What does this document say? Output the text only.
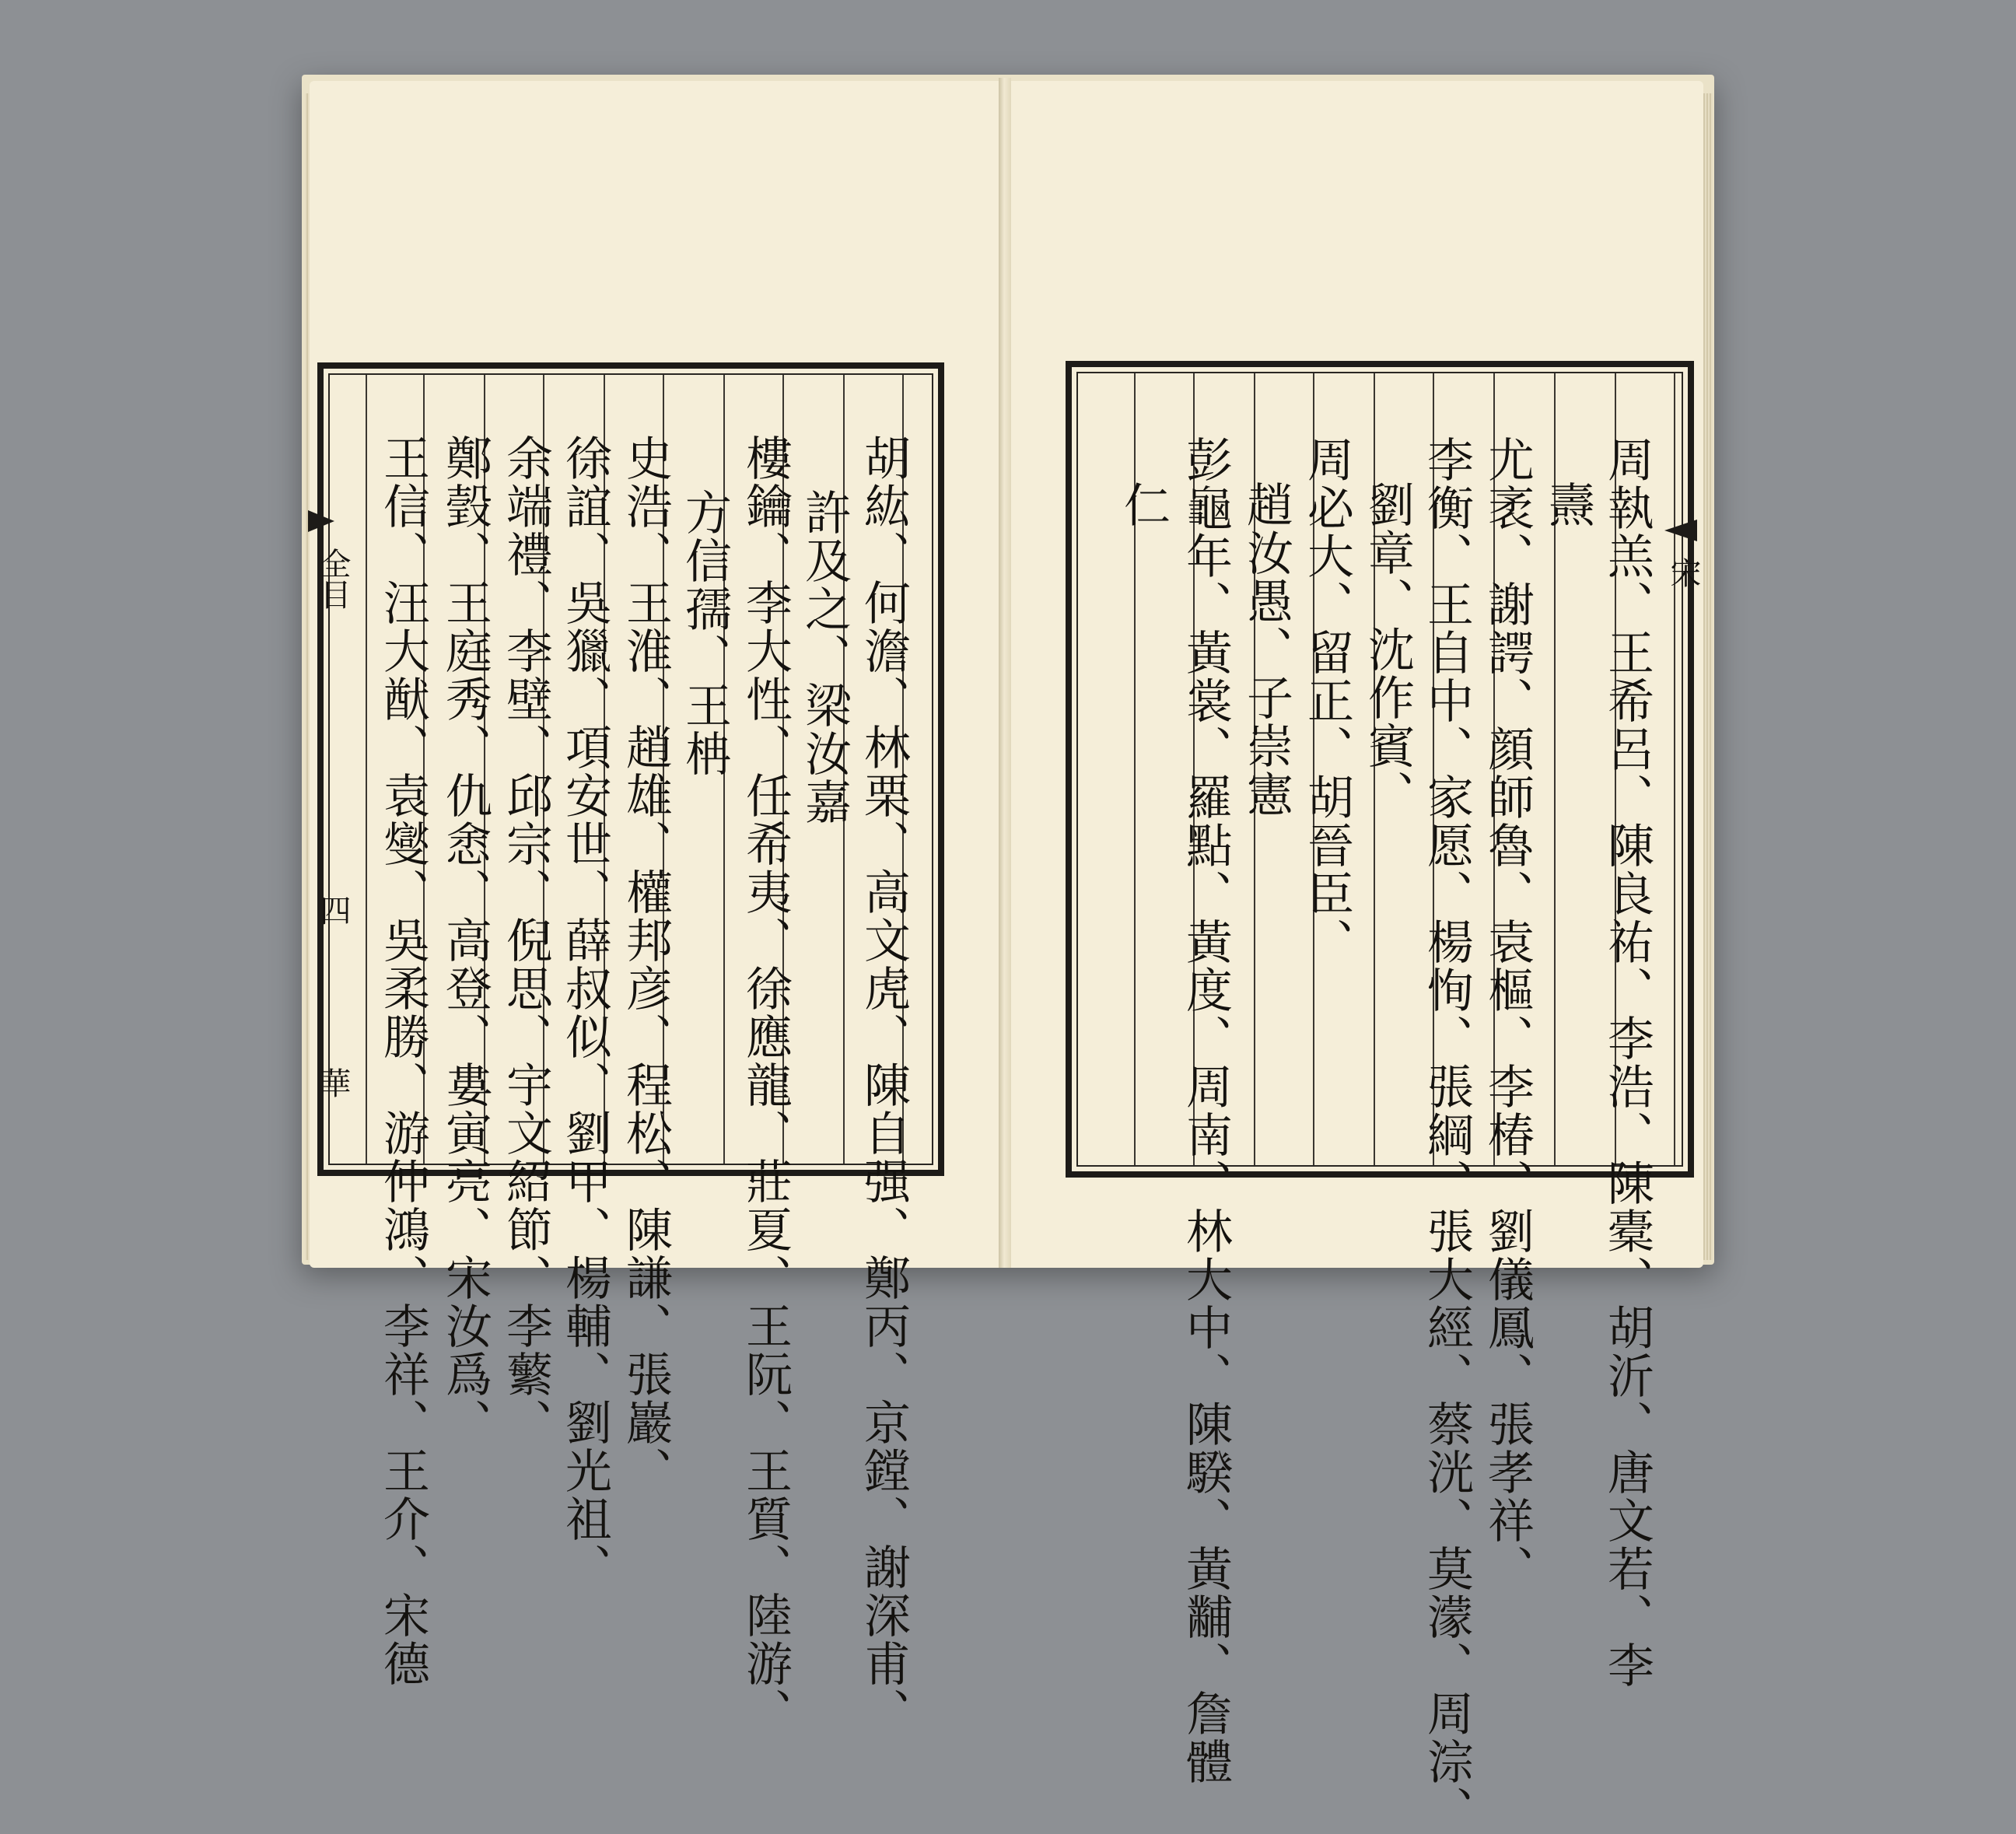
胡紘、何澹、林栗、高文虎、陳自强、鄭丙、京鏜、謝深甫、
許及之、梁汝嘉
樓鑰、李大性、任希夷、徐應龍、莊夏、王阮、王質、陸游、
方信孺、王柟
史浩、王淮、趙雄、權邦彦、程松、陳謙、張巖、
徐誼、吳獵、項安世、薛叔似、劉甲、楊輔、劉光祖、
余端禮、李壁、邱宗、倪思、宇文紹節、李蘩、
鄭瑴、王庭秀、仇悆、高登、婁寅亮、宋汝爲、
王信、汪大猷、袁燮、吳柔勝、游仲鴻、李祥、王介、宋德
全目
四
華	周執羔、王希呂、陳良祐、李浩、陳橐、胡沂、唐文若、李
燾
尤袤、謝諤、顔師魯、袁樞、李椿、劉儀鳳、張孝祥、
李衡、王自中、家愿、楊恂、張綱、張大經、蔡洸、莫濛、周淙、
劉章、沈作賓、
周必大、留正、胡晉臣、
趙汝愚、子崇憲
彭龜年、黃裳、羅點、黃度、周南、林大中、陳騤、黃黼、詹體
仁
宋
